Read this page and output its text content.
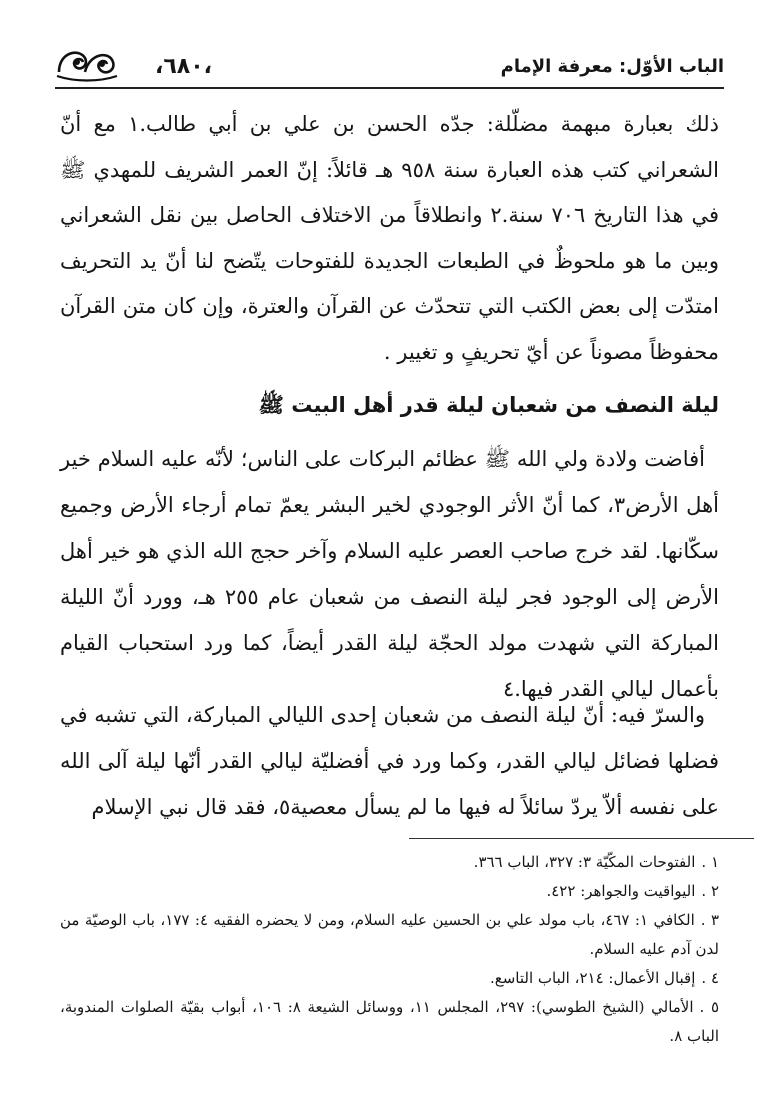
،٦٨٠،	الباب الأوّل: معرفة الإمام

ذلك بعبارة مبهمة مضلّلة: جدّه الحسن بن علي بن أبي طالب.١ مع أنّ الشعراني كتب هذه العبارة سنة ٩٥٨ هـ قائلاً: إنّ العمر الشريف للمهدي ﷺ في هذا التاريخ ٧٠٦ سنة.٢ وانطلاقاً من الاختلاف الحاصل بين نقل الشعراني وبين ما هو ملحوظٌ في الطبعات الجديدة للفتوحات يتّضح لنا أنّ يد التحريف امتدّت إلى بعض الكتب التي تتحدّث عن القرآن والعترة، وإن كان متن القرآن محفوظاً مصوناً عن أيّ تحريفٍ و تغيير .

ليلة النصف من شعبان ليلة قدر أهل البيت ﷺ

أفاضت ولادة ولي الله ﷺ عظائم البركات على الناس؛ لأنّه عليه السلام خير أهل الأرض٣، كما أنّ الأثر الوجودي لخير البشر يعمّ تمام أرجاء الأرض وجميع سكّانها. لقد خرج صاحب العصر عليه السلام وآخر حجج الله الذي هو خير أهل الأرض إلى الوجود فجر ليلة النصف من شعبان عام ٢٥٥ هـ، وورد أنّ الليلة المباركة التي شهدت مولد الحجّة ليلة القدر أيضاً، كما ورد استحباب القيام بأعمال ليالي القدر فيها.٤

والسرّ فيه: أنّ ليلة النصف من شعبان إحدى الليالي المباركة، التي تشبه في فضلها فضائل ليالي القدر، وكما ورد في أفضليّة ليالي القدر أنّها ليلة آلى الله على نفسه ألاّ يردّ سائلاً له فيها ما لم يسأل معصية٥، فقد قال نبي الإسلام

١ .الفتوحات المكّيّة ٣: ٣٢٧، الباب ٣٦٦.
٢ .اليواقيت والجواهر: ٤٢٢.
٣ .الكافي ١: ٤٦٧، باب مولد علي بن الحسين عليه السلام، ومن لا يحضره الفقيه ٤: ١٧٧، باب الوصيّة من لدن آدم عليه السلام.
٤ .إقبال الأعمال: ٢١٤، الباب التاسع.
٥ .الأمالي (الشيخ الطوسي): ٢٩٧، المجلس ١١، ووسائل الشيعة ٨: ١٠٦، أبواب بقيّة الصلوات المندوبة، الباب ٨.
